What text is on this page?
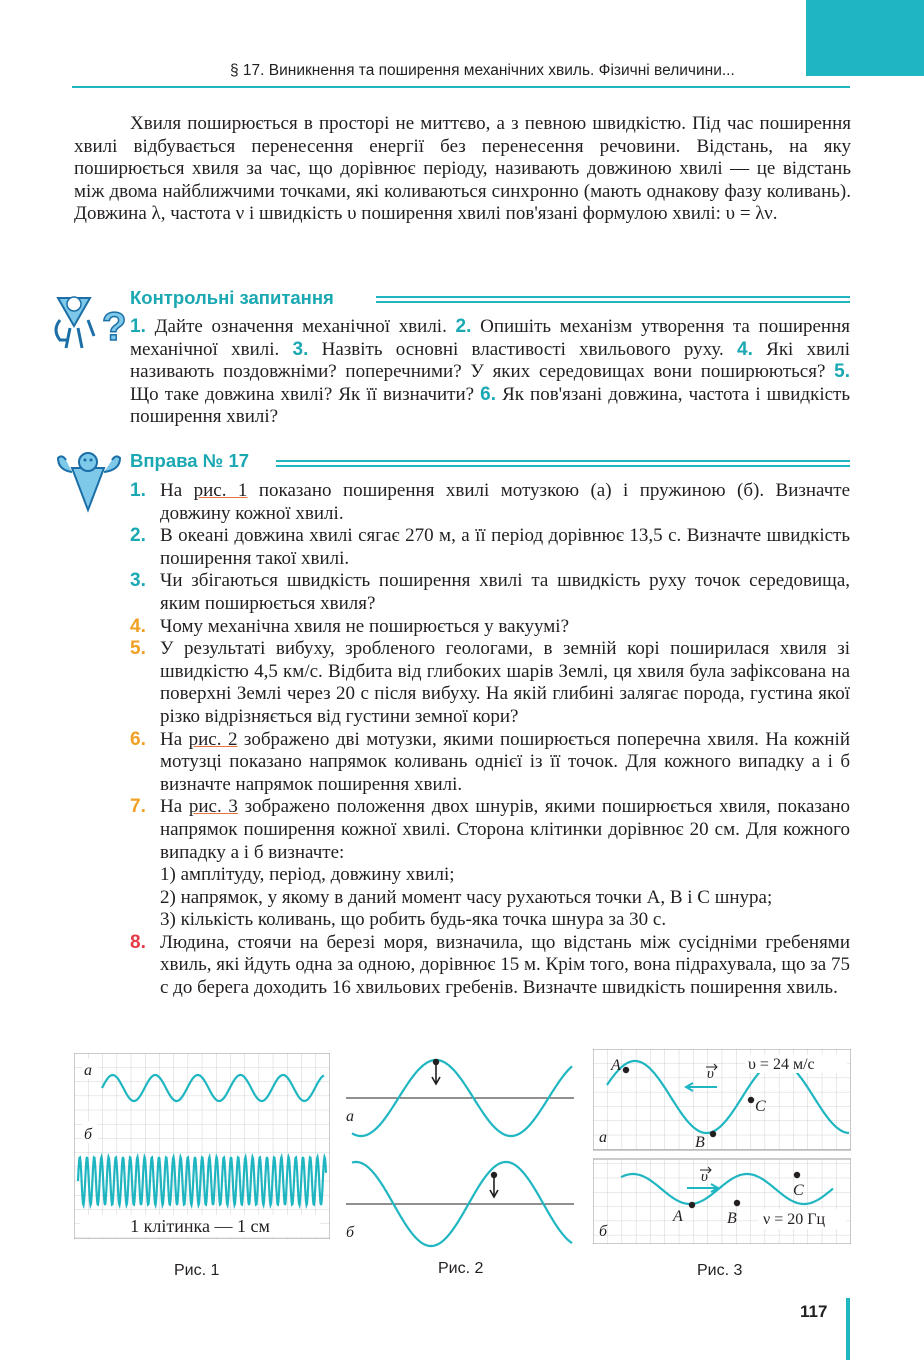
§ 17. Виникнення та поширення механічних хвиль. Фізичні величини...

Хвиля поширюється в просторі не миттєво, а з певною швидкістю. Під час поширення хвилі відбувається перенесення енергії без перенесення речовини. Відстань, на яку поширюється хвиля за час, що дорівнює періоду, називають довжиною хвилі — це відстань між двома найближчими точками, які коливаються синхронно (мають однакову фазу коливань). Довжина λ, частота ν і швидкість υ поширення хвилі пов'язані формулою хвилі: υ = λν.

?
Контрольні запитання

1. Дайте означення механічної хвилі. 2. Опишіть механізм утворення та поширення механічної хвилі. 3. Назвіть основні властивості хвильового руху. 4. Які хвилі називають поздовжніми? поперечними? У яких середовищах вони поширюються? 5. Що таке довжина хвилі? Як її визначити? 6. Як пов'язані довжина, частота і швидкість поширення хвилі?

Вправа № 17
1. На рис. 1 показано поширення хвилі мотузкою (а) і пружиною (б). Визначте довжину кожної хвилі.
2. В океані довжина хвилі сягає 270 м, а її період дорівнює 13,5 с. Визначте швидкість поширення такої хвилі.
3. Чи збігаються швидкість поширення хвилі та швидкість руху точок середовища, яким поширюється хвиля?
4. Чому механічна хвиля не поширюється у вакуумі?
5. У результаті вибуху, зробленого геологами, в земній корі поширилася хвиля зі швидкістю 4,5 км/с. Відбита від глибоких шарів Землі, ця хвиля була зафіксована на поверхні Землі через 20 с після вибуху. На якій глибині залягає порода, густина якої різко відрізняється від густини земної кори?
6. На рис. 2 зображено дві мотузки, якими поширюється поперечна хвиля. На кожній мотузці показано напрямок коливань однієї із її точок. Для кожного випадку а і б визначте напрямок поширення хвилі.
7. На рис. 3 зображено положення двох шнурів, якими поширюється хвиля, показано напрямок поширення кожної хвилі. Сторона клітинки дорівнює 20 см. Для кожного випадку а і б визначте:
1) амплітуду, період, довжину хвилі;
2) напрямок, у якому в даний момент часу рухаються точки A, B і C шнура;
3) кількість коливань, що робить будь-яка точка шнура за 30 с.
8. Людина, стоячи на березі моря, визначила, що відстань між сусідніми гребенями хвиль, які йдуть одна за одною, дорівнює 15 м. Крім того, вона підрахувала, що за 75 с до берега доходить 16 хвильових гребенів. Визначте швидкість поширення хвиль.
а
б
1 клітинка — 1 см
Рис. 1
а
б
Рис. 2
υ = 24 м/с
υ
A
B
C
а
υ
A	B
C
ν = 20 Гц
б
Рис. 3
117
